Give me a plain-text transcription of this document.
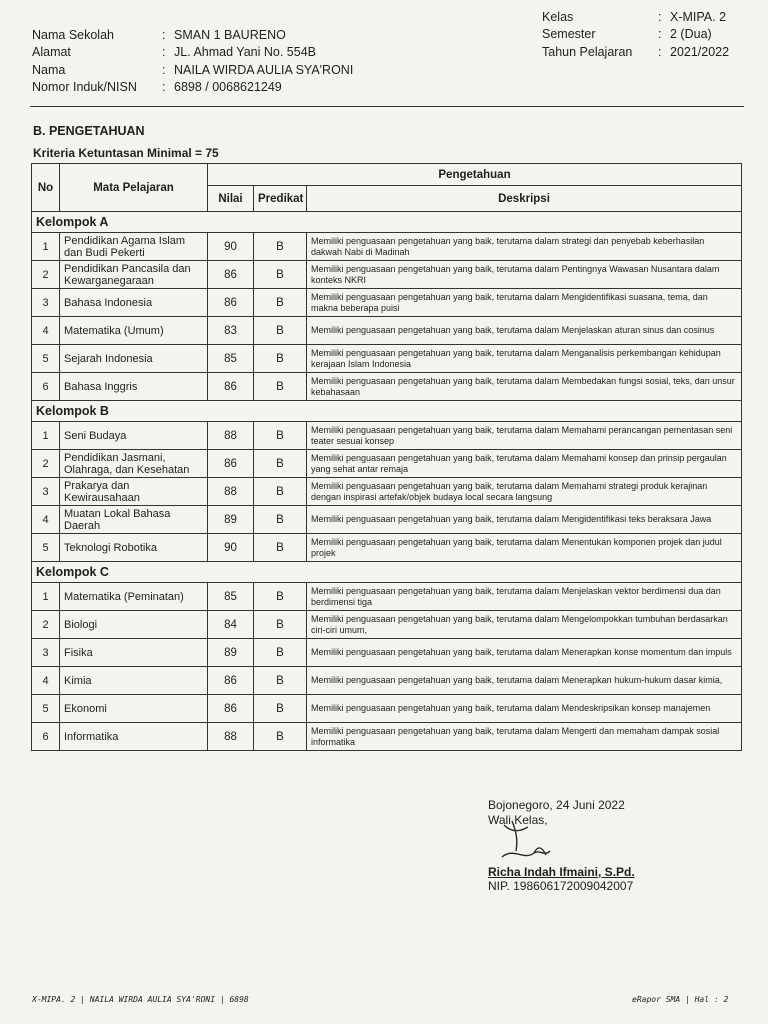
Nama Sekolah	: SMAN 1 BAURENO
Alamat	: JL. Ahmad Yani No. 554B
Nama	: NAILA WIRDA AULIA SYA'RONI
Nomor Induk/NISN	: 6898 / 0068621249
Kelas	: X-MIPA. 2
Semester	: 2 (Dua)
Tahun Pelajaran	: 2021/2022
B. PENGETAHUAN
Kriteria Ketuntasan Minimal = 75
No	Mata Pelajaran	Pengetahuan		
		Nilai	Predikat	Deskripsi
Kelompok A				
1	Pendidikan Agama Islam dan Budi Pekerti	90	B	Memiliki penguasaan pengetahuan yang baik, terutama dalam strategi dan penyebab keberhasilan dakwah Nabi di Madinah
2	Pendidikan Pancasila dan Kewarganegaraan	86	B	Memiliki penguasaan pengetahuan yang baik, terutama dalam Pentingnya Wawasan Nusantara dalam konteks NKRI
3	Bahasa Indonesia	86	B	Memiliki penguasaan pengetahuan yang baik, terutama dalam Mengidentifikasi suasana, tema, dan makna beberapa puisi
4	Matematika (Umum)	83	B	Memiliki penguasaan pengetahuan yang baik, terutama dalam Menjelaskan aturan sinus dan cosinus
5	Sejarah Indonesia	85	B	Memiliki penguasaan pengetahuan yang baik, terutama dalam Menganalisis perkembangan kehidupan kerajaan Islam Indonesia
6	Bahasa Inggris	86	B	Memiliki penguasaan pengetahuan yang baik, terutama dalam Membedakan fungsi sosial, teks, dan unsur kebahasaan
Kelompok B				
1	Seni Budaya	88	B	Memiliki penguasaan pengetahuan yang baik, terutama dalam Memahami perancangan pementasan seni teater sesuai konsep
2	Pendidikan Jasmani, Olahraga, dan Kesehatan	86	B	Memiliki penguasaan pengetahuan yang baik, terutama dalam Memahami konsep dan prinsip pergaulan yang sehat antar remaja
3	Prakarya dan Kewirausahaan	88	B	Memiliki penguasaan pengetahuan yang baik, terutama dalam Memahami strategi produk kerajinan dengan inspirasi artefak/objek budaya local secara langsung
4	Muatan Lokal Bahasa Daerah	89	B	Memiliki penguasaan pengetahuan yang baik, terutama dalam Mengidentifikasi teks beraksara Jawa
5	Teknologi Robotika	90	B	Memiliki penguasaan pengetahuan yang baik, terutama dalam Menentukan komponen projek dan judul projek
Kelompok C				
1	Matematika (Peminatan)	85	B	Memiliki penguasaan pengetahuan yang baik, terutama dalam Menjelaskan vektor berdimensi dua dan berdimensi tiga
2	Biologi	84	B	Memiliki penguasaan pengetahuan yang baik, terutama dalam Mengelompokkan tumbuhan berdasarkan ciri-ciri umum,
3	Fisika	89	B	Memiliki penguasaan pengetahuan yang baik, terutama dalam Menerapkan konse momentum dan impuls
4	Kimia	86	B	Memiliki penguasaan pengetahuan yang baik, terutama dalam Menerapkan hukum-hukum dasar kimia,
5	Ekonomi	86	B	Memiliki penguasaan pengetahuan yang baik, terutama dalam Mendeskripsikan konsep manajemen
6	Informatika	88	B	Memiliki penguasaan pengetahuan yang baik, terutama dalam Mengerti dan memaham dampak sosial informatika
Bojonegoro, 24 Juni 2022
Wali Kelas,
Richa Indah Ifmaini, S.Pd.
NIP. 198606172009042007
X-MIPA. 2 | NAILA WIRDA AULIA SYA'RONI | 6898	eRapor SMA | Hal : 2
